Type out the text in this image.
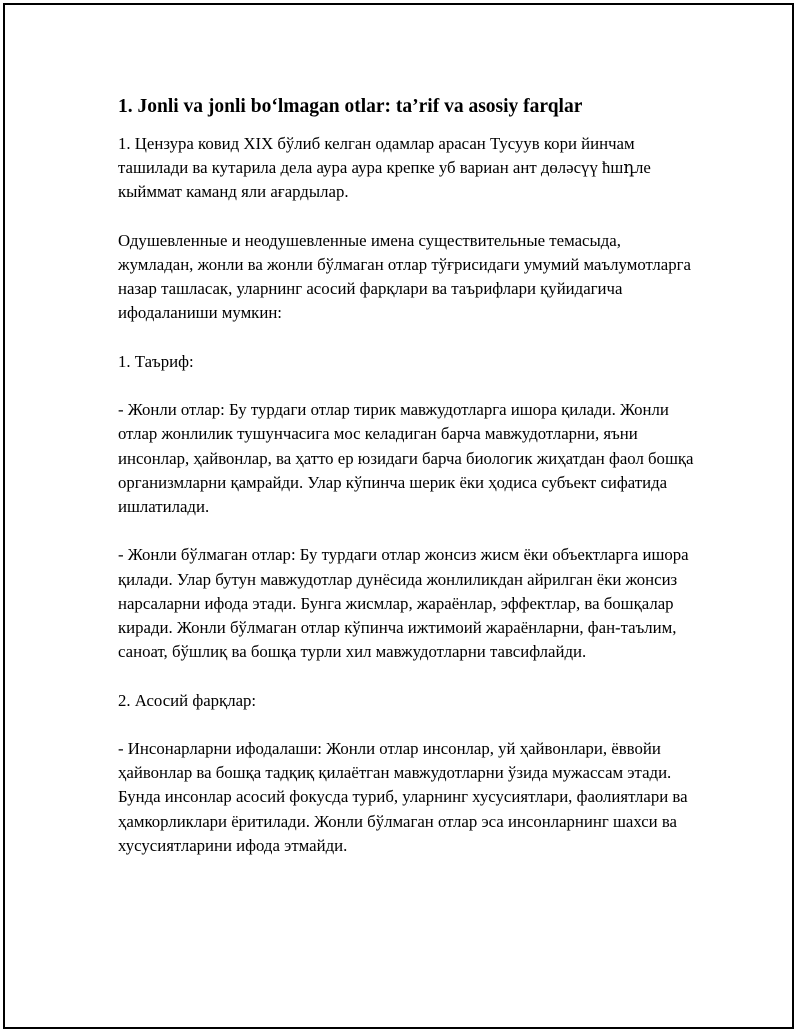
1. Jonli va jonli bo‘lmagan otlar: ta’rif va asosiy farqlar

1. Цензура ковид XIX бўлиб келган одамлар арасан Тусуув кори йинчам ташилади ва кутарила дела аура аура крепке уб вариан ант дөләсүү ћшդле кыйммат каманд яли ағардылар.

Одушевленные и неодушевленные имена существительные темасыда, жумладан, жонли ва жонли бўлмаган отлар тўғрисидаги умумий маълумотларга назар ташласак, уларнинг асосий фарқлари ва таърифлари қуйидагича ифодаланиши мумкин:

1. Таъриф:

- Жонли отлар: Бу турдаги отлар тирик мавжудотларга ишора қилади. Жонли отлар жонлилик тушунчасига мос келадиган барча мавжудотларни, яъни инсонлар, ҳайвонлар, ва ҳатто ер юзидаги барча биологик жиҳатдан фаол бошқа организмларни қамрайди. Улар кўпинча шерик ёки ҳодиса субъект сифатида ишлатилади.

- Жонли бўлмаган отлар: Бу турдаги отлар жонсиз жисм ёки объектларга ишора қилади. Улар бутун мавжудотлар дунёсида жонлиликдан айрилган ёки жонсиз нарсаларни ифода этади. Бунга жисмлар, жараёнлар, эффектлар, ва бошқалар киради. Жонли бўлмаган отлар кўпинча ижтимоий жараёнларни, фан-таълим, саноат, бўшлиқ ва бошқа турли хил мавжудотларни тавсифлайди.

2. Асосий фарқлар:

- Инсонарларни ифодалаши: Жонли отлар инсонлар, уй ҳайвонлари, ёввойи ҳайвонлар ва бошқа тадқиқ қилаётган мавжудотларни ўзида мужассам этади. Бунда инсонлар асосий фокусда туриб, уларнинг хусусиятлари, фаолиятлари ва ҳамкорликлари ёритилади. Жонли бўлмаган отлар эса инсонларнинг шахси ва хусусиятларини ифода этмайди.
